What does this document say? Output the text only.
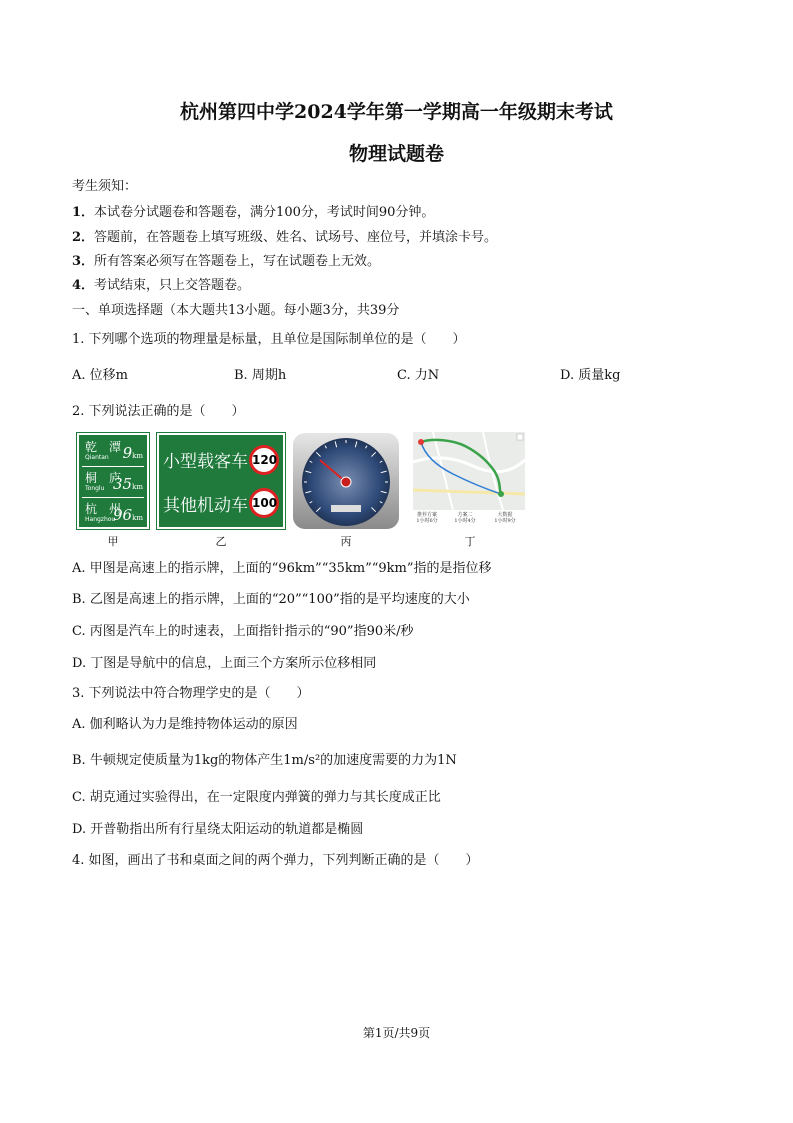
杭州第四中学2024学年第一学期高一年级期末考试
物理试题卷
考生须知：
1．本试卷分试题卷和答题卷，满分100分，考试时间90分钟。
2．答题前，在答题卷上填写班级、姓名、试场号、座位号，并填涂卡号。
3．所有答案必须写在答题卷上，写在试题卷上无效。
4．考试结束，只上交答题卷。
一、单项选择题（本大题共13小题。每小题3分，共39分
1. 下列哪个选项的物理量是标量，且单位是国际制单位的是（　　）
A. 位移m	B. 周期h	C. 力N	D. 质量kg
2. 下列说法正确的是（　　）
乾　潭
Qiantan 9km
桐　庐
Tonglu 35km
杭　州
Hangzhou
96km
小型载客车 120
其他机动车 100
推荐方案
1小时6分
方案二
1小时4分
大数据
1小时9分
甲	乙	丙	丁
A. 甲图是高速上的指示牌，上面的“96km”“35km”“9km”指的是指位移
B. 乙图是高速上的指示牌，上面的“20”“100”指的是平均速度的大小
C. 丙图是汽车上的时速表，上面指针指示的“90”指90米/秒
D. 丁图是导航中的信息，上面三个方案所示位移相同
3. 下列说法中符合物理学史的是（　　）
A. 伽利略认为力是维持物体运动的原因
B. 牛顿规定使质量为1kg的物体产生1m/s²的加速度需要的力为1N
C. 胡克通过实验得出，在一定限度内弹簧的弹力与其长度成正比
D. 开普勒指出所有行星绕太阳运动的轨道都是椭圆
4. 如图，画出了书和桌面之间的两个弹力，下列判断正确的是（　　）
第1页/共9页
